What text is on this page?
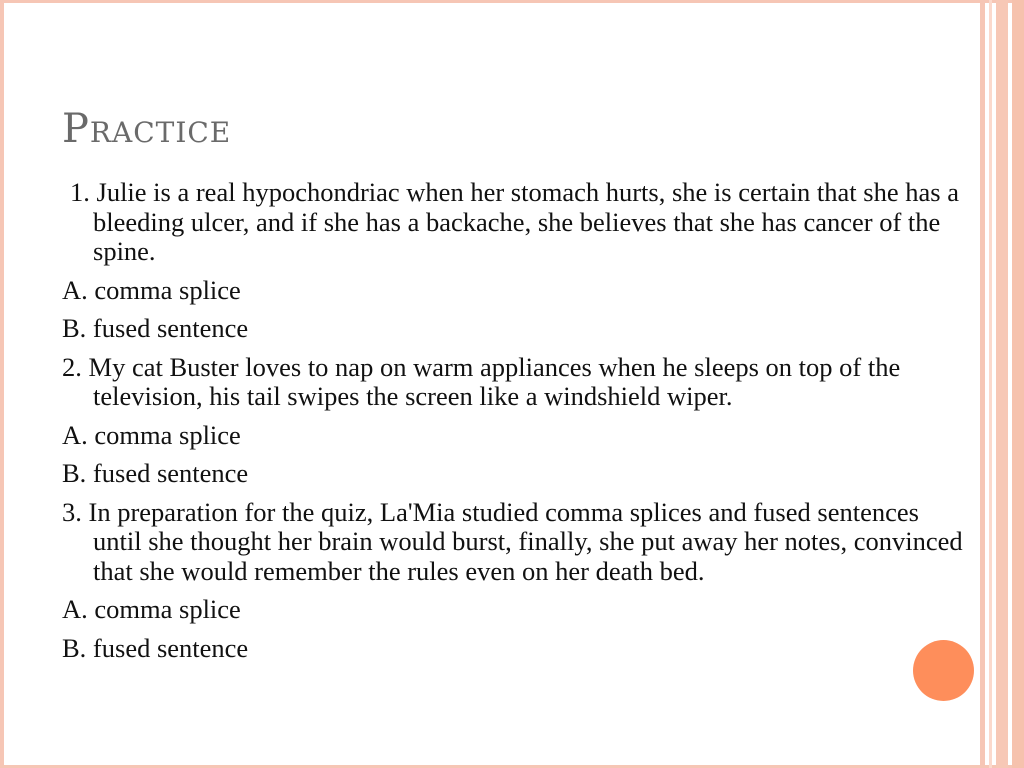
Practice
1. Julie is a real hypochondriac when her stomach hurts, she is certain that she has a bleeding ulcer, and if she has a backache, she believes that she has cancer of the spine.
A. comma splice
B. fused sentence
2. My cat Buster loves to nap on warm appliances when he sleeps on top of the television, his tail swipes the screen like a windshield wiper.
A. comma splice
B. fused sentence
3. In preparation for the quiz, La'Mia studied comma splices and fused sentences until she thought her brain would burst, finally, she put away her notes, convinced that she would remember the rules even on her death bed.
A. comma splice
B. fused sentence
